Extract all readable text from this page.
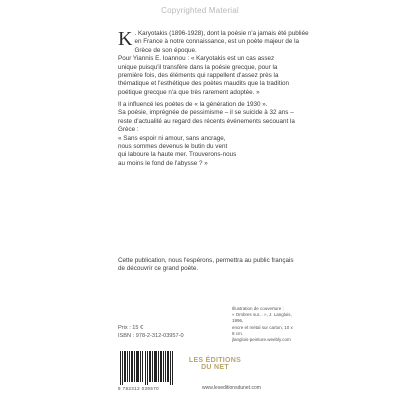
Copyrighted Material
K . Karyotakis (1896-1928), dont la poésie n'a jamais été publiée
en France à notre connaissance, est un poète majeur de la
Grèce de son époque.
Pour Yiannis E. Ioannou : « Karyotakis est un cas assez
unique puisqu'il transfère dans la poésie grecque, pour la
première fois, des éléments qui rappellent d'assez près la
thématique et l'esthétique des poètes maudits que la tradition
poétique grecque n'a que très rarement adoptée. »
Il a influencé les poètes de « la génération de 1930 ».
Sa poésie, imprégnée de pessimisme – il se suicide à 32 ans –
reste d'actualité au regard des récents événements secouant la
Grèce :
« Sans espoir ni amour, sans ancrage,
nous sommes devenus le butin du vent
qui laboure la haute mer. Trouverons-nous
au moins le fond de l'abysse ? »
Cette publication, nous l'espérons, permettra au public français
de découvrir ce grand poète.
Prix : 15 €
ISBN : 978-2-312-03957-0
9 782312 039570
Illustration de couverture :
« Ombres sur... », J. Langlois, 1996,
encre et métal sur carton, 10 x 8 cm.
jlanglois-peinture.weebly.com
LES ÉDITIONS
DU NET
www.leseditionsdunet.com
